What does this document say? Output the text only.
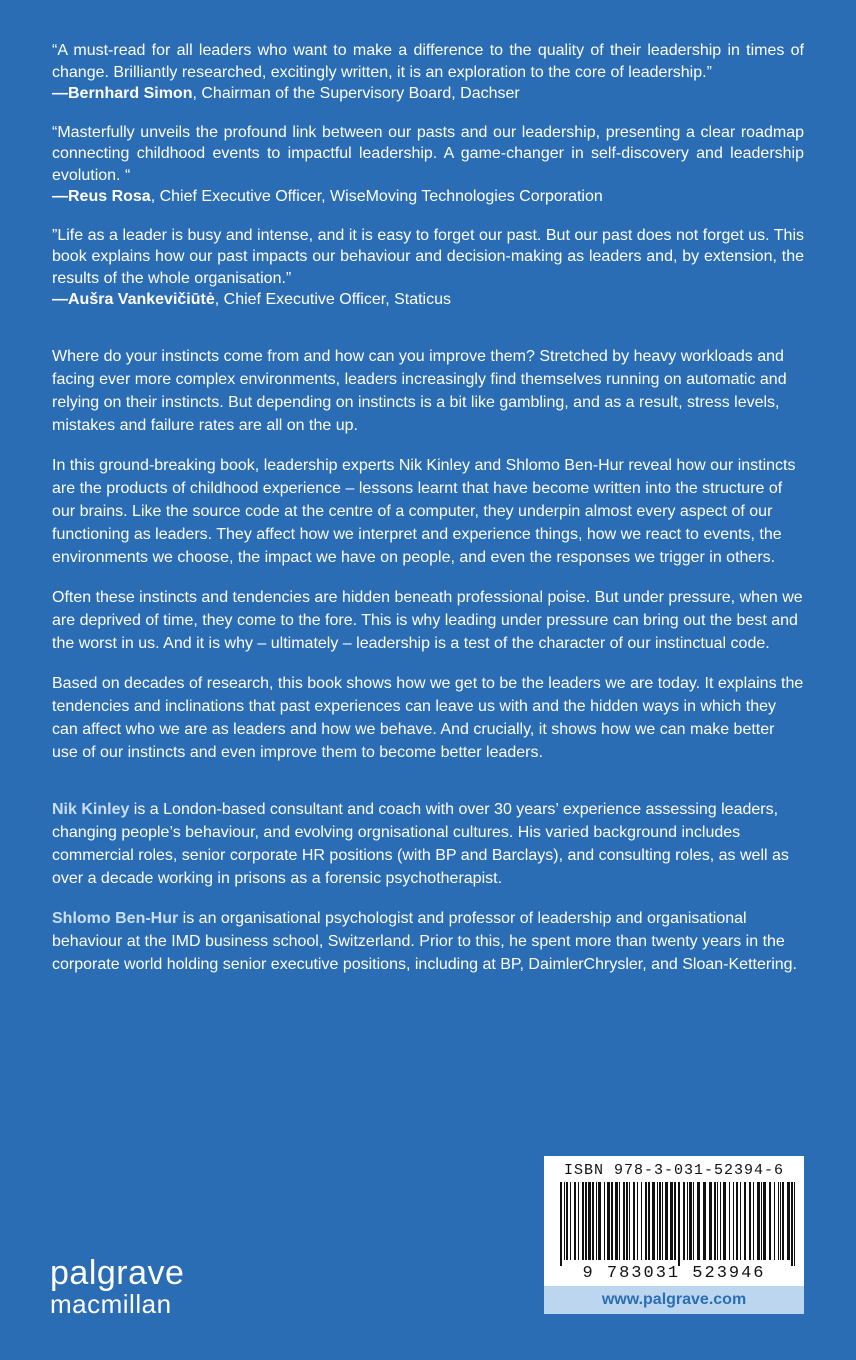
“A must-read for all leaders who want to make a difference to the quality of their leadership in times of change. Brilliantly researched, excitingly written, it is an exploration to the core of leadership.”
—Bernhard Simon, Chairman of the Supervisory Board, Dachser
“Masterfully unveils the profound link between our pasts and our leadership, presenting a clear roadmap connecting childhood events to impactful leadership. A game-changer in self-discovery and leadership evolution. “
—Reus Rosa, Chief Executive Officer, WiseMoving Technologies Corporation
”Life as a leader is busy and intense, and it is easy to forget our past. But our past does not forget us. This book explains how our past impacts our behaviour and decision-making as leaders and, by extension, the results of the whole organisation.”
—Aušra Vankevičiūtė, Chief Executive Officer, Staticus

Where do your instincts come from and how can you improve them? Stretched by heavy workloads and facing ever more complex environments, leaders increasingly find themselves running on automatic and relying on their instincts. But depending on instincts is a bit like gambling, and as a result, stress levels, mistakes and failure rates are all on the up.

In this ground-breaking book, leadership experts Nik Kinley and Shlomo Ben-Hur reveal how our instincts are the products of childhood experience – lessons learnt that have become written into the structure of our brains. Like the source code at the centre of a computer, they underpin almost every aspect of our functioning as leaders. They affect how we interpret and experience things, how we react to events, the environments we choose, the impact we have on people, and even the responses we trigger in others.

Often these instincts and tendencies are hidden beneath professional poise. But under pressure, when we are deprived of time, they come to the fore. This is why leading under pressure can bring out the best and the worst in us. And it is why – ultimately – leadership is a test of the character of our instinctual code.

Based on decades of research, this book shows how we get to be the leaders we are today. It explains the tendencies and inclinations that past experiences can leave us with and the hidden ways in which they can affect who we are as leaders and how we behave. And crucially, it shows how we can make better use of our instincts and even improve them to become better leaders.

Nik Kinley is a London-based consultant and coach with over 30 years’ experience assessing leaders, changing people’s behaviour, and evolving orgnisational cultures. His varied background includes commercial roles, senior corporate HR positions (with BP and Barclays), and consulting roles, as well as over a decade working in prisons as a forensic psychotherapist.

Shlomo Ben-Hur is an organisational psychologist and professor of leadership and organisational behaviour at the IMD business school, Switzerland. Prior to this, he spent more than twenty years in the corporate world holding senior executive positions, including at BP, DaimlerChrysler, and Sloan-Kettering.

palgrave
macmillan
ISBN 978-3-031-52394-6
9 783031 523946
www.palgrave.com
